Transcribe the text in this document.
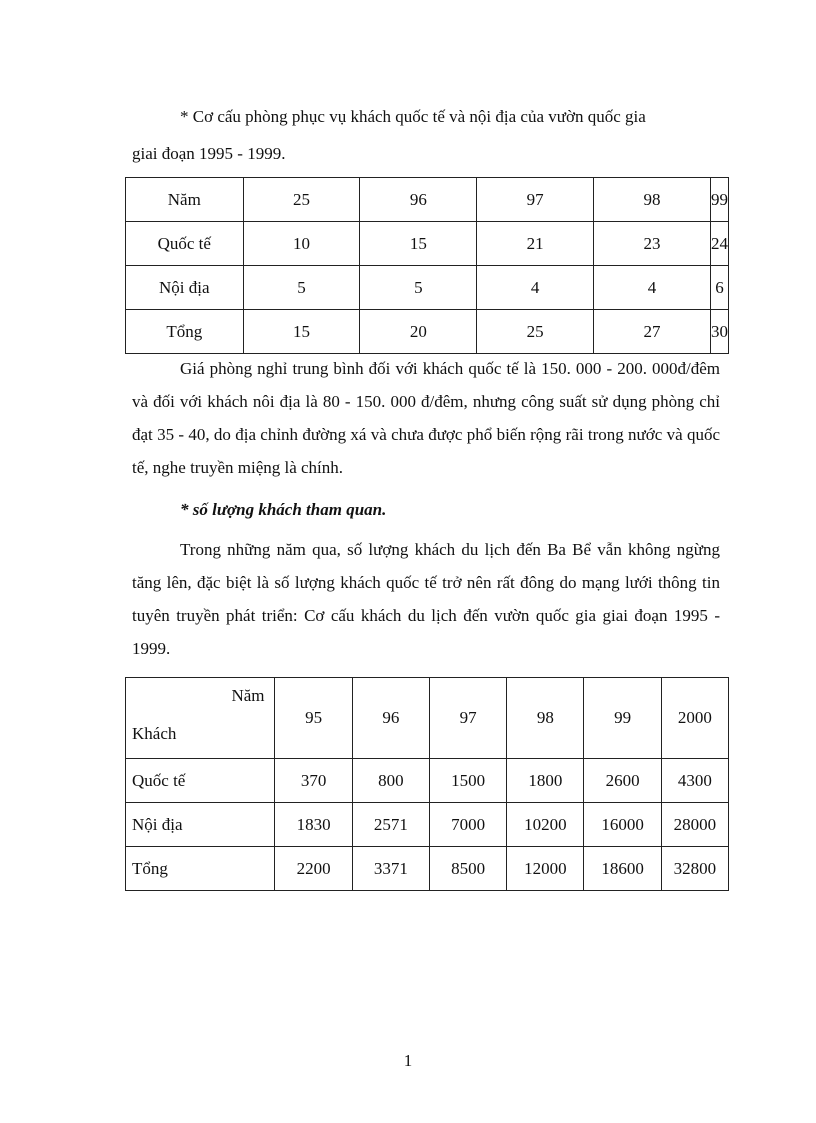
* Cơ cấu phòng phục vụ khách quốc tế và nội địa của vườn quốc gia

giai đoạn 1995 - 1999.

Năm	25	96	97	98	99
Quốc tế	10	15	21	23	24
Nội địa	5	5	4	4	6
Tổng	15	20	25	27	30

Giá phòng nghỉ trung bình đối với khách quốc tế là 150. 000 - 200. 000đ/đêm và đối với khách nôi địa là 80 - 150. 000 đ/đêm, nhưng công suất sử dụng phòng chỉ đạt 35 - 40, do địa chỉnh đường xá và chưa được phổ biến rộng rãi trong nước và quốc tế, nghe truyền miệng là chính.

* số lượng khách tham quan.

Trong những năm qua, số lượng khách du lịch đến Ba Bể vẫn không ngừng tăng lên, đặc biệt là số lượng khách quốc tế trở nên rất đông do mạng lưới thông tin tuyên truyền phát triển: Cơ cấu khách du lịch đến vườn quốc gia giai đoạn 1995 - 1999.

Năm
Khách	95	96	97	98	99	2000
Quốc tế	370	800	1500	1800	2600	4300
Nội địa	1830	2571	7000	10200	16000	28000
Tổng	2200	3371	8500	12000	18600	32800
1
